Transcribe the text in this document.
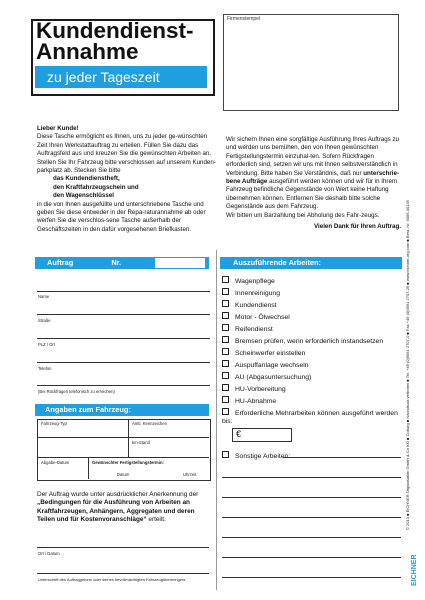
Kundendienst-
Annahme
zu jeder Tageszeit
Firmenstempel
Lieber Kunde!
Diese Tasche ermöglicht es Ihnen, uns zu jeder ge-wünschten Zeit Ihren Werkstattauftrag zu erteilen. Füllen Sie dazu das Auftragsfeld aus und kreuzen Sie die gewünschten Arbeiten an. Stellen Sie Ihr Fahrzeug bitte verschlossen auf unserem Kunden-parkplatz ab. Stecken Sie bitte
das Kundendienstheft,
den Kraftfahrzeugschein und
den Wagenschlüssel
in die von Ihnen ausgefüllte und unterschriebene Tasche und geben Sie diese entweder in der Repa-raturannahme ab oder werfen Sie die verschlos-sene Tasche außerhalb der Geschäftszeiten in den dafür vorgesehenen Briefkasten.
Wir sichern Ihnen eine sorgfältige Ausführung Ihres Auftrags zu und werden uns bemühen, den von Ihnen gewünschten Fertigstellungstermin einzuhal-ten. Sofern Rückfragen erforderlich sind, setzen wir uns mit Ihnen selbstverständlich in Verbindung. Bitte haben Sie Verständnis, daß nur unterschrie-bene Aufträge ausgeführt werden können und wir für in Ihrem Fahrzeug befindliche Gegenstände von Wert keine Haftung übernehmen können. Entfernen Sie deshalb bitte solche Gegenstände aus dem Fahrzeug.
Wir bitten um Barzahlung bei Abholung des Fahr-zeugs.
Vielen Dank für Ihren Auftrag.
Auftrag	Nr.
Name
Straße
PLZ / Ort
Telefon
(Bei Rückfragen telefonisch zu erreichen)
Angaben zum Fahrzeug:
Fahrzeug-Typ	Amtl. Kennzeichen
km-Stand
Abgabe-Datum	Gewünschter Fertigstellungstermin:
Datum	Uhrzeit
Der Auftrag wurde unter ausdrücklicher Anerkennung der „Bedingungen für die Ausführung von Arbeiten an Kraftfahrzeugen, Anhängern, Aggregaten und deren Teilen und für Kostenvoranschläge“ erteilt.
Ort / Datum
Unterschrift des Auftraggebers oder seines bevollmächtigten Fahrzeugüberbringers
Auszuführende Arbeiten:
Wagenpflege
Innenreinigung
Kundendienst
Motor - Ölwechsel
Reifendienst
Bremsen prüfen, wenn erforderlich instandsetzen
Scheinwerfer einstellen
Auspuffanlage wechseln
AU (Abgasuntersuchung)
HU-Vorbereitung
HU-Abnahme
Erforderliche Mehrarbeiten können ausgeführt werden bis:
€
Sonstige Arbeiten:	© 2013 ■ EICHNER Organisation GmbH & Co KG ■ Coburg ■ Nachdruck verboten ■ Tel. +49 (0)9561 2707-0 ■ Fax +49 (0)9561 2707-29 ■ www.eichner-org.com ■ Best.-Nr. 9056-00135
EICHNER
